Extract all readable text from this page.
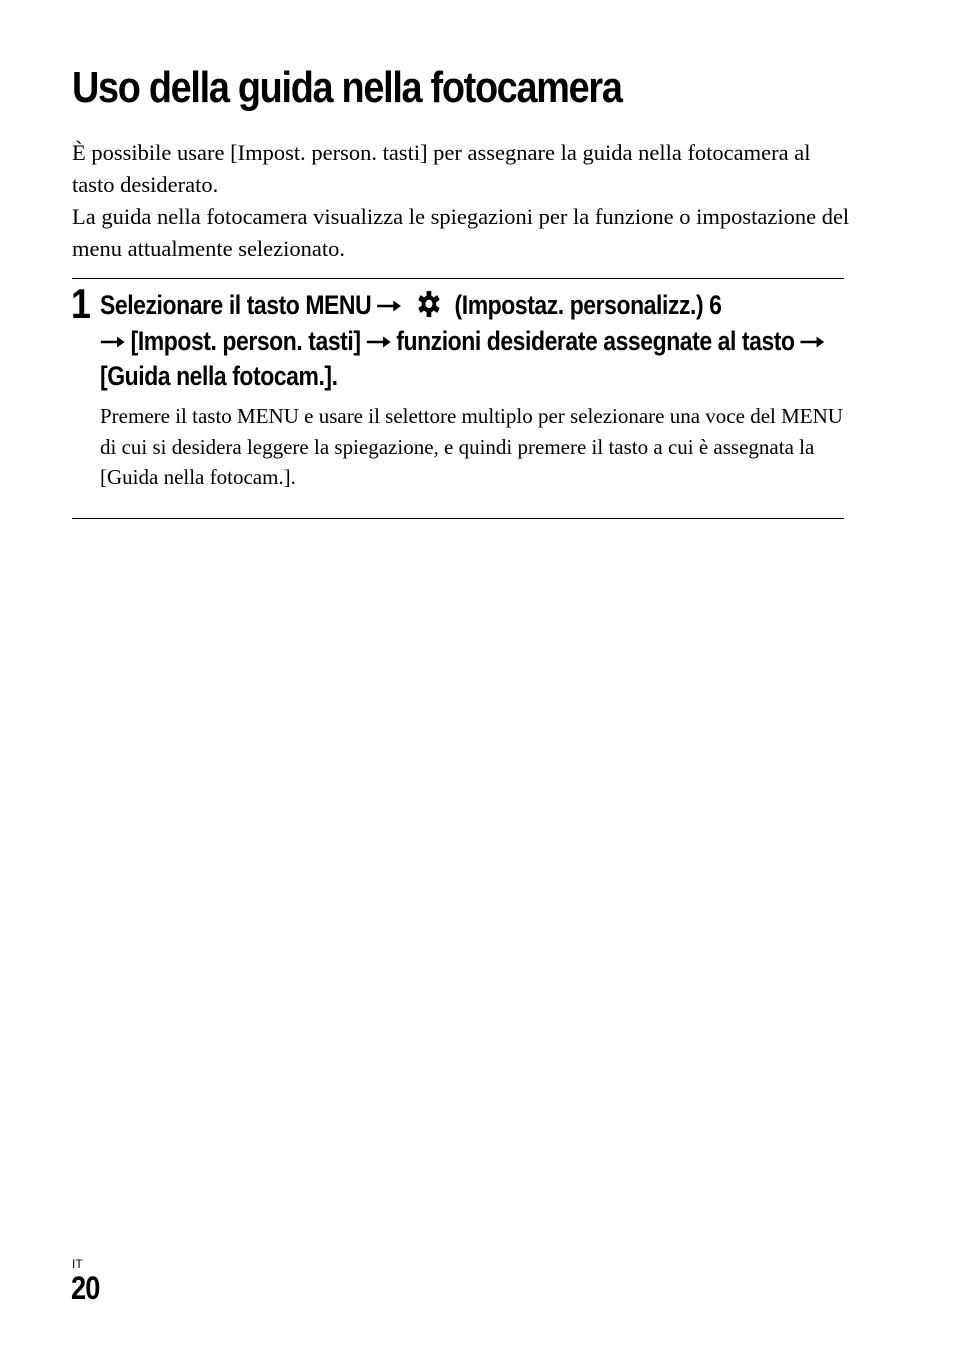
Uso della guida nella fotocamera

È possibile usare [Impost. person. tasti] per assegnare la guida nella fotocamera al tasto desiderato.

La guida nella fotocamera visualizza le spiegazioni per la funzione o impostazione del menu attualmente selezionato.

1 Selezionare il tasto MENU	(Impostaz. personalizz.) 6
[Impost. person. tasti] funzioni desiderate assegnate al tasto[Guida nella fotocam.].

Premere il tasto MENU e usare il selettore multiplo per selezionare una voce del MENU di cui si desidera leggere la spiegazione, e quindi premere il tasto a cui è assegnata la [Guida nella fotocam.].

IT
20
